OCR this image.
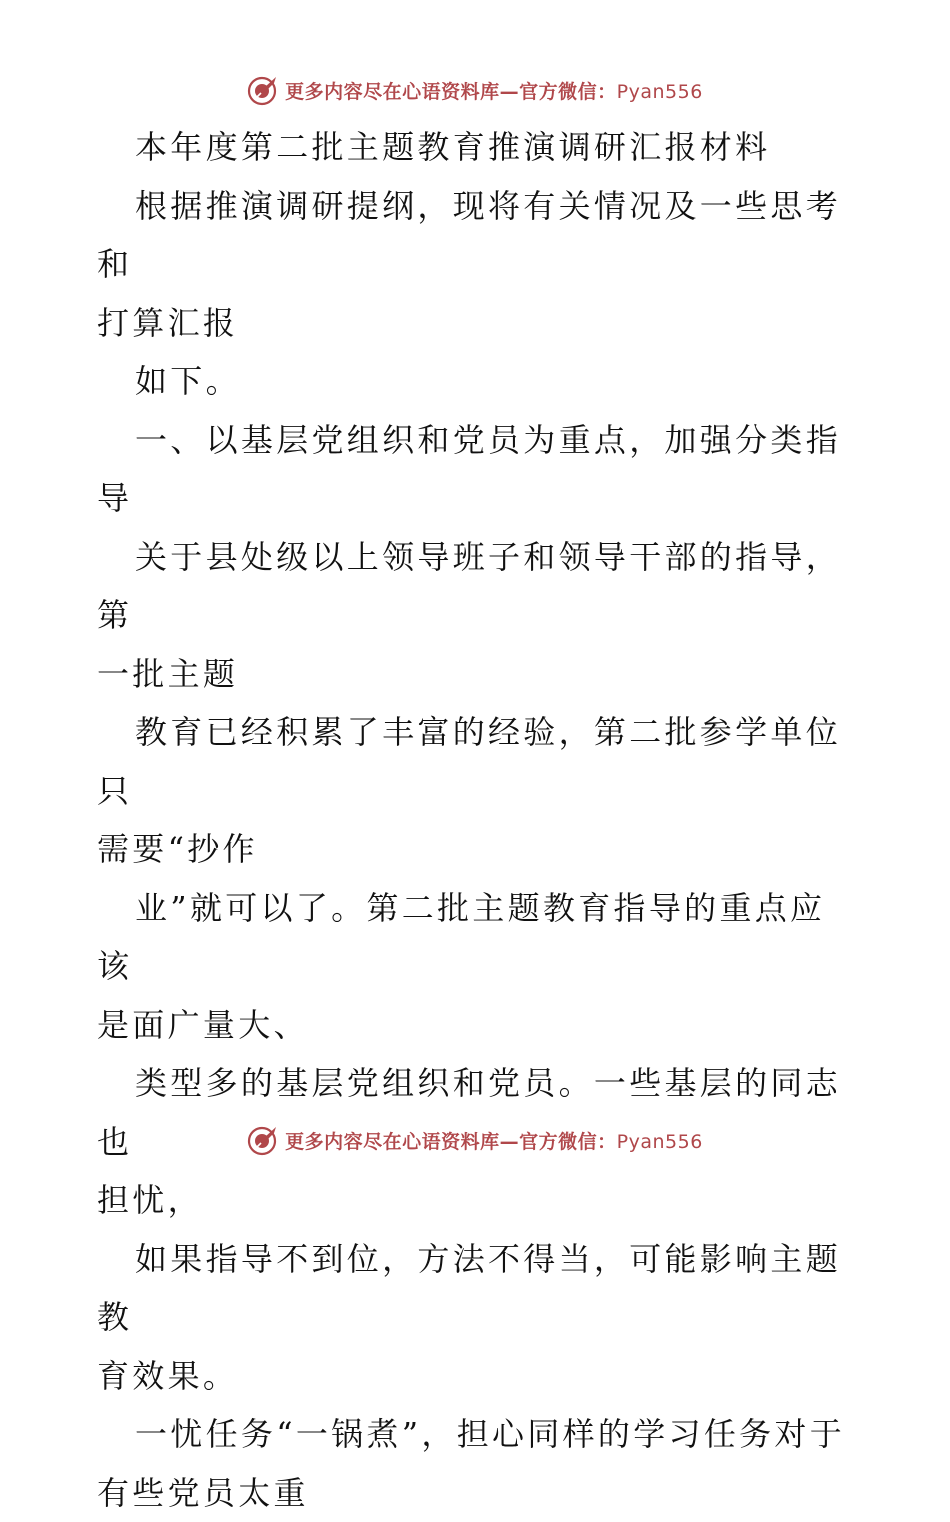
更多内容尽在心语资料库—官方微信：Pyan556

本年度第二批主题教育推演调研汇报材料

根据推演调研提纲，现将有关情况及一些思考和

打算汇报

如下。

一、以基层党组织和党员为重点，加强分类指导

关于县处级以上领导班子和领导干部的指导，第

一批主题

教育已经积累了丰富的经验，第二批参学单位只

需要“抄作

业”就可以了。第二批主题教育指导的重点应该

是面广量大、

类型多的基层党组织和党员。一些基层的同志也

担忧，

如果指导不到位，方法不得当，可能影响主题教

育效果。

一忧任务“一锅煮”，担心同样的学习任务对于

有些党员太重

更多内容尽在心语资料库—官方微信：Pyan556
